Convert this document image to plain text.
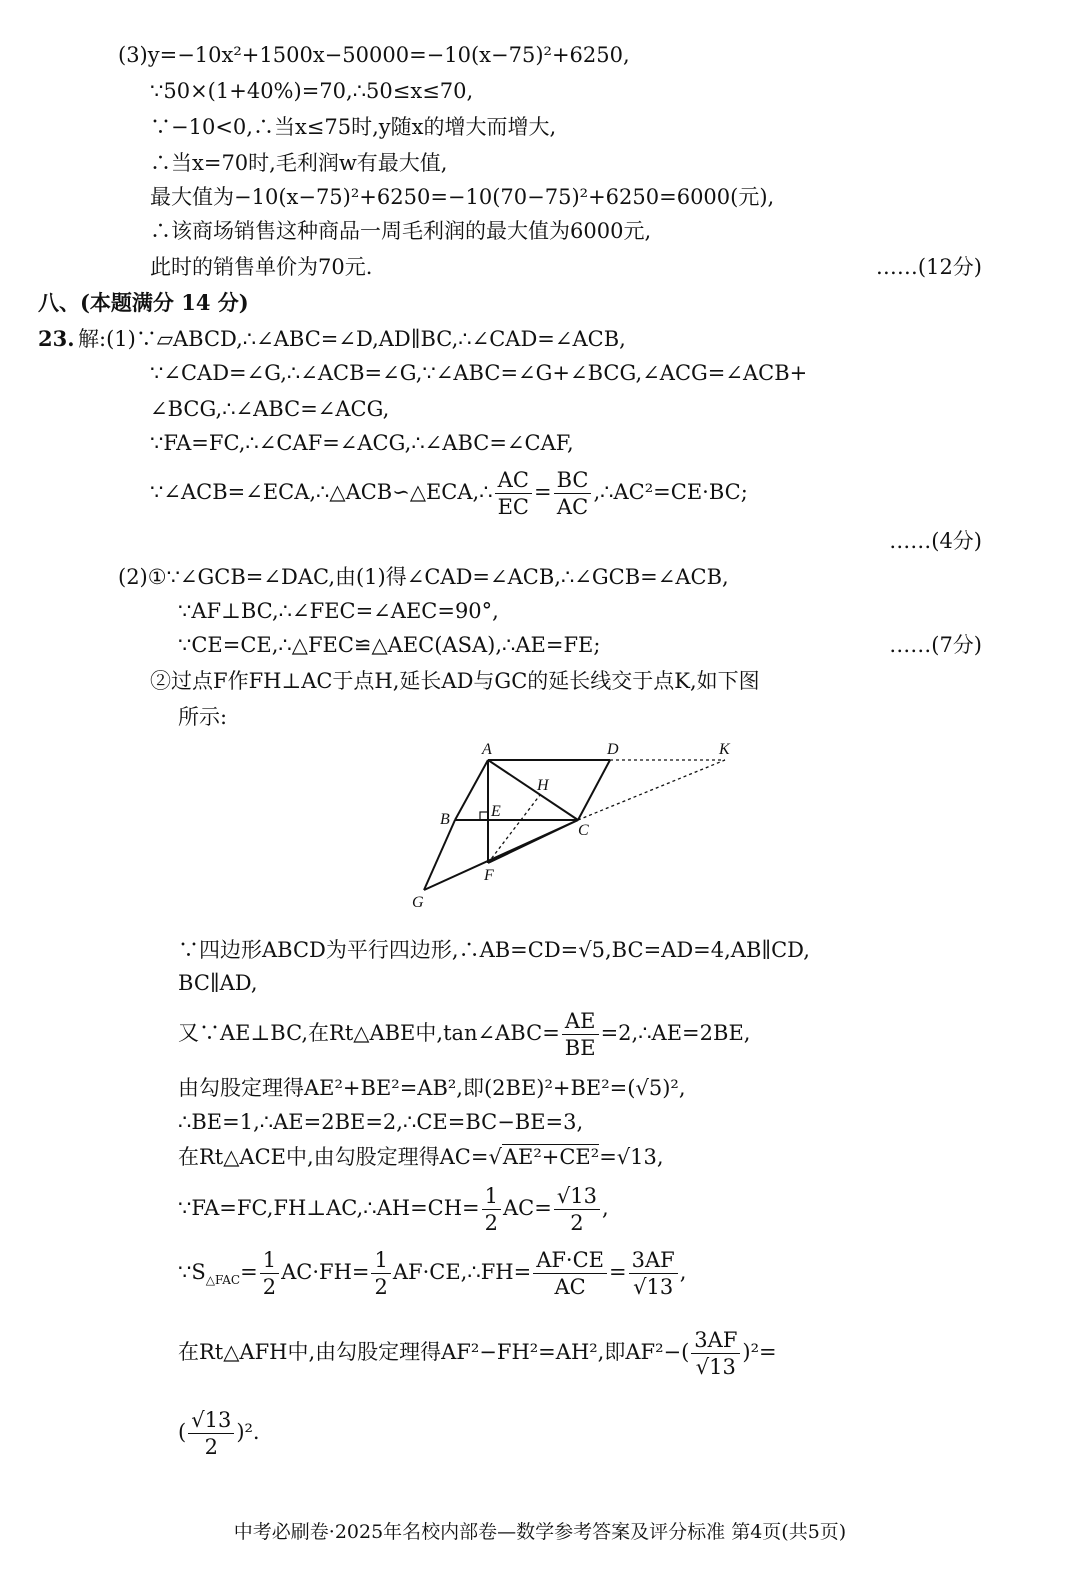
(3)y=−10x²+1500x−50000=−10(x−75)²+6250,
∵50×(1+40%)=70,∴50≤x≤70,
∵−10<0,∴当x≤75时,y随x的增大而增大,
∴当x=70时,毛利润w有最大值,
最大值为−10(x−75)²+6250=−10(70−75)²+6250=6000(元),
∴该商场销售这种商品一周毛利润的最大值为6000元,
此时的销售单价为70元.	……(12分)
八、(本题满分 14 分)
23. 解:(1)∵▱ABCD,∴∠ABC=∠D,AD∥BC,∴∠CAD=∠ACB,
∵∠CAD=∠G,∴∠ACB=∠G,∵∠ABC=∠G+∠BCG,∠ACG=∠ACB+
∠BCG,∴∠ABC=∠ACG,
∵FA=FC,∴∠CAF=∠ACG,∴∠ABC=∠CAF,
∵∠ACB=∠ECA,∴△ACB∽△ECA,∴ $\frac{AC}{EC} = \frac{BC}{AC}$ ,∴AC²=CE·BC;
……(4分)
(2)①∵∠GCB=∠DAC,由(1)得∠CAD=∠ACB,∴∠GCB=∠ACB,
∵AF⊥BC,∴∠FEC=∠AEC=90°,
∵CE=CE,∴△FEC≌△AEC(ASA),∴AE=FE;	……(7分)
②过点F作FH⊥AC于点H,延长AD与GC的延长线交于点K,如下图
所示:
A	D	K
H
B	E
C
F
G
∵四边形ABCD为平行四边形,∴AB=CD=√5,BC=AD=4,AB∥CD,
BC∥AD,
又∵AE⊥BC,在Rt△ABE中,tan∠ABC= $\frac{AE}{BE}$ =2,∴AE=2BE,
由勾股定理得AE²+BE²=AB²,即(2BE)²+BE²=(√5)²,
∴BE=1,∴AE=2BE=2,∴CE=BC−BE=3,
在Rt△ACE中,由勾股定理得AC=√AE²+CE²=√13,
∵FA=FC,FH⊥AC,∴AH=CH= $\frac{1}{2} AC= \frac{√13}{2}$ ,
$\because S_{\triangle FAC}= \frac{1}{2} AC\cdot FH= \frac{1}{2}$ AF·CE,∴FH= $\frac{AF\cdot CE}{AC} = \frac{3AF}{√13}$ ,
在Rt△AFH中,由勾股定理得AF²−FH²=AH²,即$AF^2-( \frac{3AF}{√13} )^2=$
( $\frac{√13}{2} )^2$.
中考必刷卷·2025年名校内部卷—数学参考答案及评分标准 第4页(共5页)
